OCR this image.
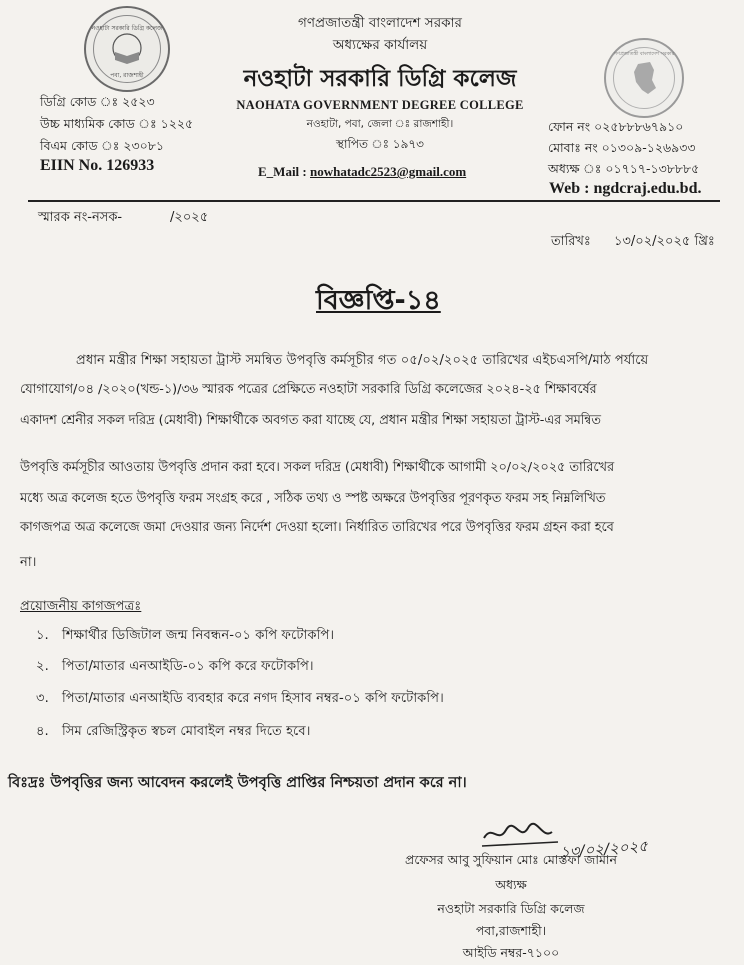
নওহাটা সরকারি ডিগ্রি কলেজ
পবা, রাজশাহী
গণপ্রজাতন্ত্রী বাংলাদেশ সরকার
গণপ্রজাতন্ত্রী বাংলাদেশ সরকার
অধ্যক্ষের কার্যালয়
নওহাটা সরকারি ডিগ্রি কলেজ
NAOHATA GOVERNMENT DEGREE COLLEGE
নওহাটা, পবা, জেলা ঃ রাজশাহী।
স্থাপিত ঃ ১৯৭৩
E_Mail : nowhatadc2523@gmail.com
ডিগ্রি কোড ঃ ২৫২৩
উচ্চ মাধ্যমিক কোড ঃ ১২২৫
বিএম কোড ঃ ২৩০৮১
EIIN No. 126933
ফোন নং ০২৫৮৮৮৬৭৯১০
মোবাঃ নং ০১৩০৯-১২৬৯৩৩
অধ্যক্ষ ঃ ০১৭১৭-১৩৮৮৮৫
Web : ngdcraj.edu.bd.
স্মারক নং-নসক-	/২০২৫
তারিখঃ ১৩/০২/২০২৫ খ্রিঃ
বিজ্ঞপ্তি-১৪
প্রধান মন্ত্রীর শিক্ষা সহায়তা ট্রাস্ট সমন্বিত উপবৃত্তি কর্মসূচীর গত ০৫/০২/২০২৫ তারিখের এইচএসপি/মাঠ পর্যায়ে
যোগাযোগ/০৪ /২০২০(খন্ড-১)/৩৬ স্মারক পত্রের প্রেক্ষিতে নওহাটা সরকারি ডিগ্রি কলেজের ২০২৪-২৫ শিক্ষাবর্ষের
একাদশ শ্রেনীর সকল দরিদ্র (মেধাবী) শিক্ষার্থীকে অবগত করা যাচ্ছে যে, প্রধান মন্ত্রীর শিক্ষা সহায়তা ট্রাস্ট-এর সমন্বিত
উপবৃত্তি কর্মসূচীর আওতায় উপবৃত্তি প্রদান করা হবে। সকল দরিদ্র (মেধাবী) শিক্ষার্থীকে আগামী ২০/০২/২০২৫ তারিখের
মধ্যে অত্র কলেজ হতে উপবৃত্তি ফরম সংগ্রহ করে , সঠিক তথ্য ও স্পষ্ট অক্ষরে উপবৃত্তির পূরণকৃত ফরম সহ নিম্নলিখিত
কাগজপত্র অত্র কলেজে জমা দেওয়ার জন্য নির্দেশ দেওয়া হলো। নির্ধারিত তারিখের পরে উপবৃত্তির ফরম গ্রহন করা হবে
না।
প্রয়োজনীয় কাগজপত্রঃ
১. শিক্ষার্থীর ডিজিটাল জন্ম নিবন্ধন-০১ কপি ফটোকপি।
২. পিতা/মাতার এনআইডি-০১ কপি করে ফটোকপি।
৩. পিতা/মাতার এনআইডি ব্যবহার করে নগদ হিসাব নম্বর-০১ কপি ফটোকপি।
৪. সিম রেজিস্ট্রিকৃত স্বচল মোবাইল নম্বর দিতে হবে।
বিঃদ্রঃ উপবৃত্তির জন্য আবেদন করলেই উপবৃত্তি প্রাপ্তির নিশ্চয়তা প্রদান করে না।
১৩/০২/২০২৫
প্রফেসর আবু সুফিয়ান মোঃ মোস্তফা জামান
অধ্যক্ষ
নওহাটা সরকারি ডিগ্রি কলেজ
পবা,রাজশাহী।
আইডি নম্বর-৭১০০
